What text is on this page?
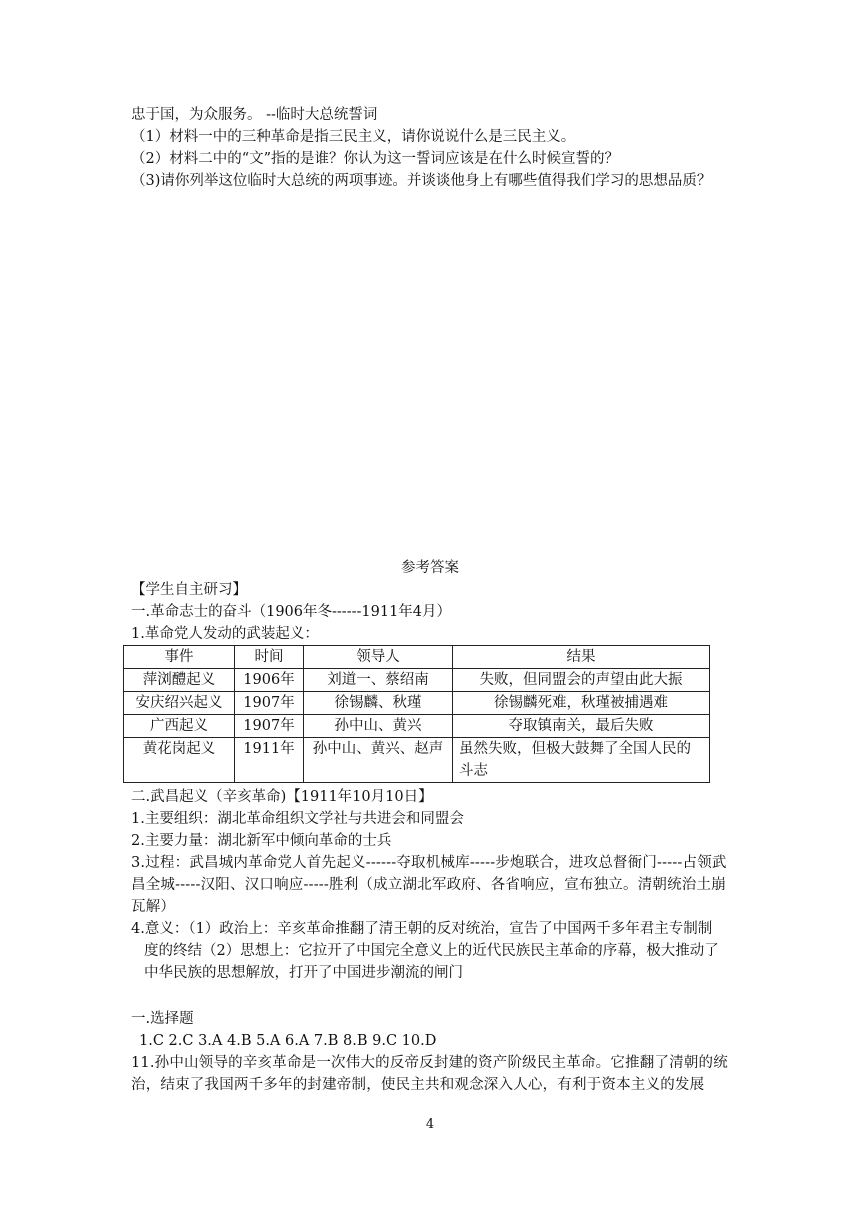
忠于国，为众服务。 --临时大总统誓词
（1）材料一中的三种革命是指三民主义，请你说说什么是三民主义。
（2）材料二中的“文”指的是谁？你认为这一誓词应该是在什么时候宣誓的？
（3)请你列举这位临时大总统的两项事迹。并谈谈他身上有哪些值得我们学习的思想品质？
参考答案
【学生自主研习】
一.革命志士的奋斗（1906年冬------1911年4月）
1.革命党人发动的武装起义：
事件	时间	领导人	结果
萍浏醴起义	1906年	刘道一、蔡绍南	失败，但同盟会的声望由此大振
安庆绍兴起义	1907年	徐锡麟、秋瑾	徐锡麟死难，秋瑾被捕遇难
广西起义	1907年	孙中山、黄兴	夺取镇南关，最后失败
黄花岗起义	1911年	孙中山、黄兴、赵声	虽然失败，但极大鼓舞了全国人民的斗志
二.武昌起义（辛亥革命)【1911年10月10日】
1.主要组织：湖北革命组织文学社与共进会和同盟会
2.主要力量：湖北新军中倾向革命的士兵
3.过程：武昌城内革命党人首先起义------夺取机械库-----步炮联合，进攻总督衙门-----占领武昌全城-----汉阳、汉口响应-----胜利（成立湖北军政府、各省响应，宣布独立。清朝统治土崩瓦解）
4.意义：（1）政治上：辛亥革命推翻了清王朝的反对统治，宣告了中国两千多年君主专制制
度的终结（2）思想上：它拉开了中国完全意义上的近代民族民主革命的序幕，极大推动了中华民族的思想解放，打开了中国进步潮流的闸门
一.选择题
1.C 2.C 3.A 4.B 5.A 6.A 7.B 8.B 9.C 10.D
11.孙中山领导的辛亥革命是一次伟大的反帝反封建的资产阶级民主革命。它推翻了清朝的统治，结束了我国两千多年的封建帝制，使民主共和观念深入人心，有利于资本主义的发展
4
